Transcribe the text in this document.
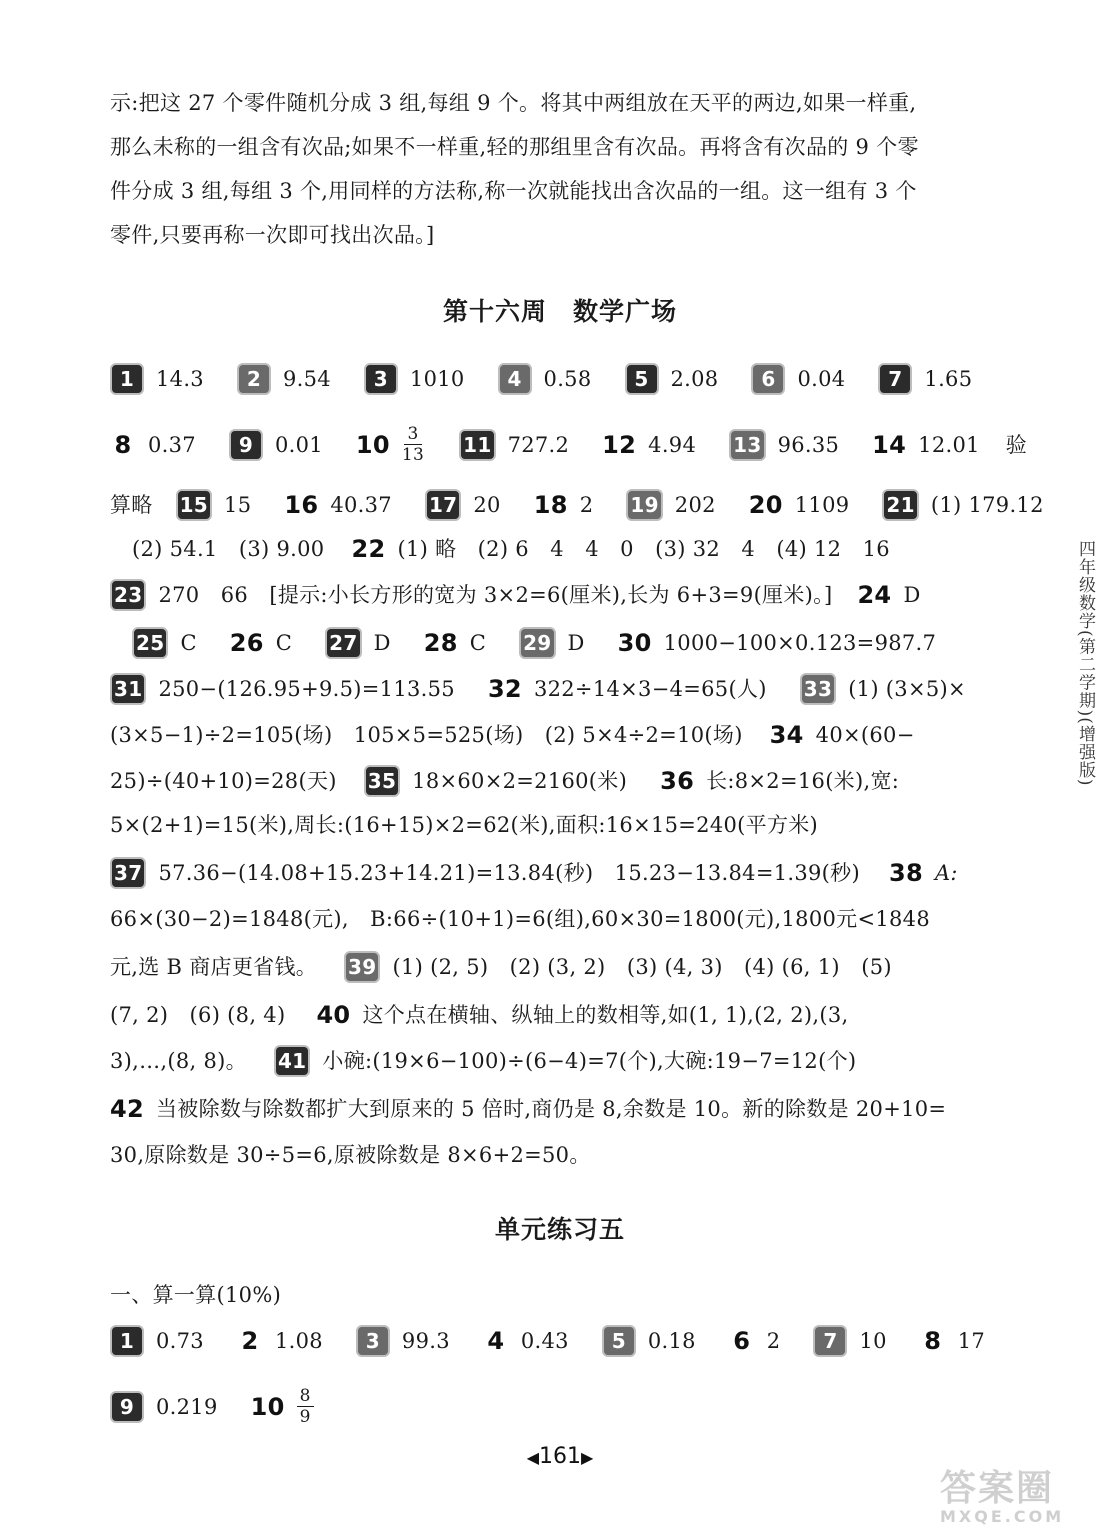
示:把这 27 个零件随机分成 3 组,每组 9 个。将其中两组放在天平的两边,如果一样重,
那么未称的一组含有次品;如果不一样重,轻的那组里含有次品。再将含有次品的 9 个零
件分成 3 组,每组 3 个,用同样的方法称,称一次就能找出含次品的一组。这一组有 3 个
零件,只要再称一次即可找出次品。]
第十六周　数学广场
1 14.3 2 9.54 3 1010 4 0.58 5 2.08 6 0.04 7 1.65
8 0.37 9 0.01 $10 \frac{3}{13} 11$ 727.2 12 4.94 13 96.35 14 12.01 验
算略 15 15 16 40.37 17 20 18 2 19 202 20 1109 21 (1) 179.12
(2) 54.1　(3) 9.00 22 (1) 略　(2) 6　4　4　0　(3) 32　4　(4) 12　16
23 270　66　[提示:小长方形的宽为 3×2=6(厘米),长为 6+3=9(厘米)。] 24 D
25 C 26 C 27 D 28 C 29 D 30 1000−100×0.123=987.7
31 250−(126.95+9.5)=113.55 32 322÷14×3−4=65(人) 33 (1) (3×5)×
(3×5−1)÷2=105(场)　105×5=525(场)　(2) 5×4÷2=10(场) 34 40×(60−
25)÷(40+10)=28(天) 35 18×60×2=2160(米) 36 长:8×2=16(米),宽:
5×(2+1)=15(米),周长:(16+15)×2=62(米),面积:16×15=240(平方米)
37 57.36−(14.08+15.23+14.21)=13.84(秒)　15.23−13.84=1.39(秒) 38 A:
66×(30−2)=1848(元),　B:66÷(10+1)=6(组),60×30=1800(元),1800元<1848
元,选 B 商店更省钱。 39 (1) (2, 5)　(2) (3, 2)　(3) (4, 3)　(4) (6, 1)　(5)
(7, 2)　(6) (8, 4) 40 这个点在横轴、纵轴上的数相等,如(1, 1),(2, 2),(3,
3),…,(8, 8)。 41 小碗:(19×6−100)÷(6−4)=7(个),大碗:19−7=12(个)
42 当被除数与除数都扩大到原来的 5 倍时,商仍是 8,余数是 10。新的除数是 20+10=
30,原除数是 30÷5=6,原被除数是 8×6+2=50。
单元练习五
一、算一算(10%)
1 0.73 2 1.08 3 99.3 4 0.43 5 0.18 6 2 7 10 8 17
9 0.219 $10 \frac{8}{9}$
四年级数学(第二学期)(增强版)
◀161▶
答案圈
MXQE.COM
